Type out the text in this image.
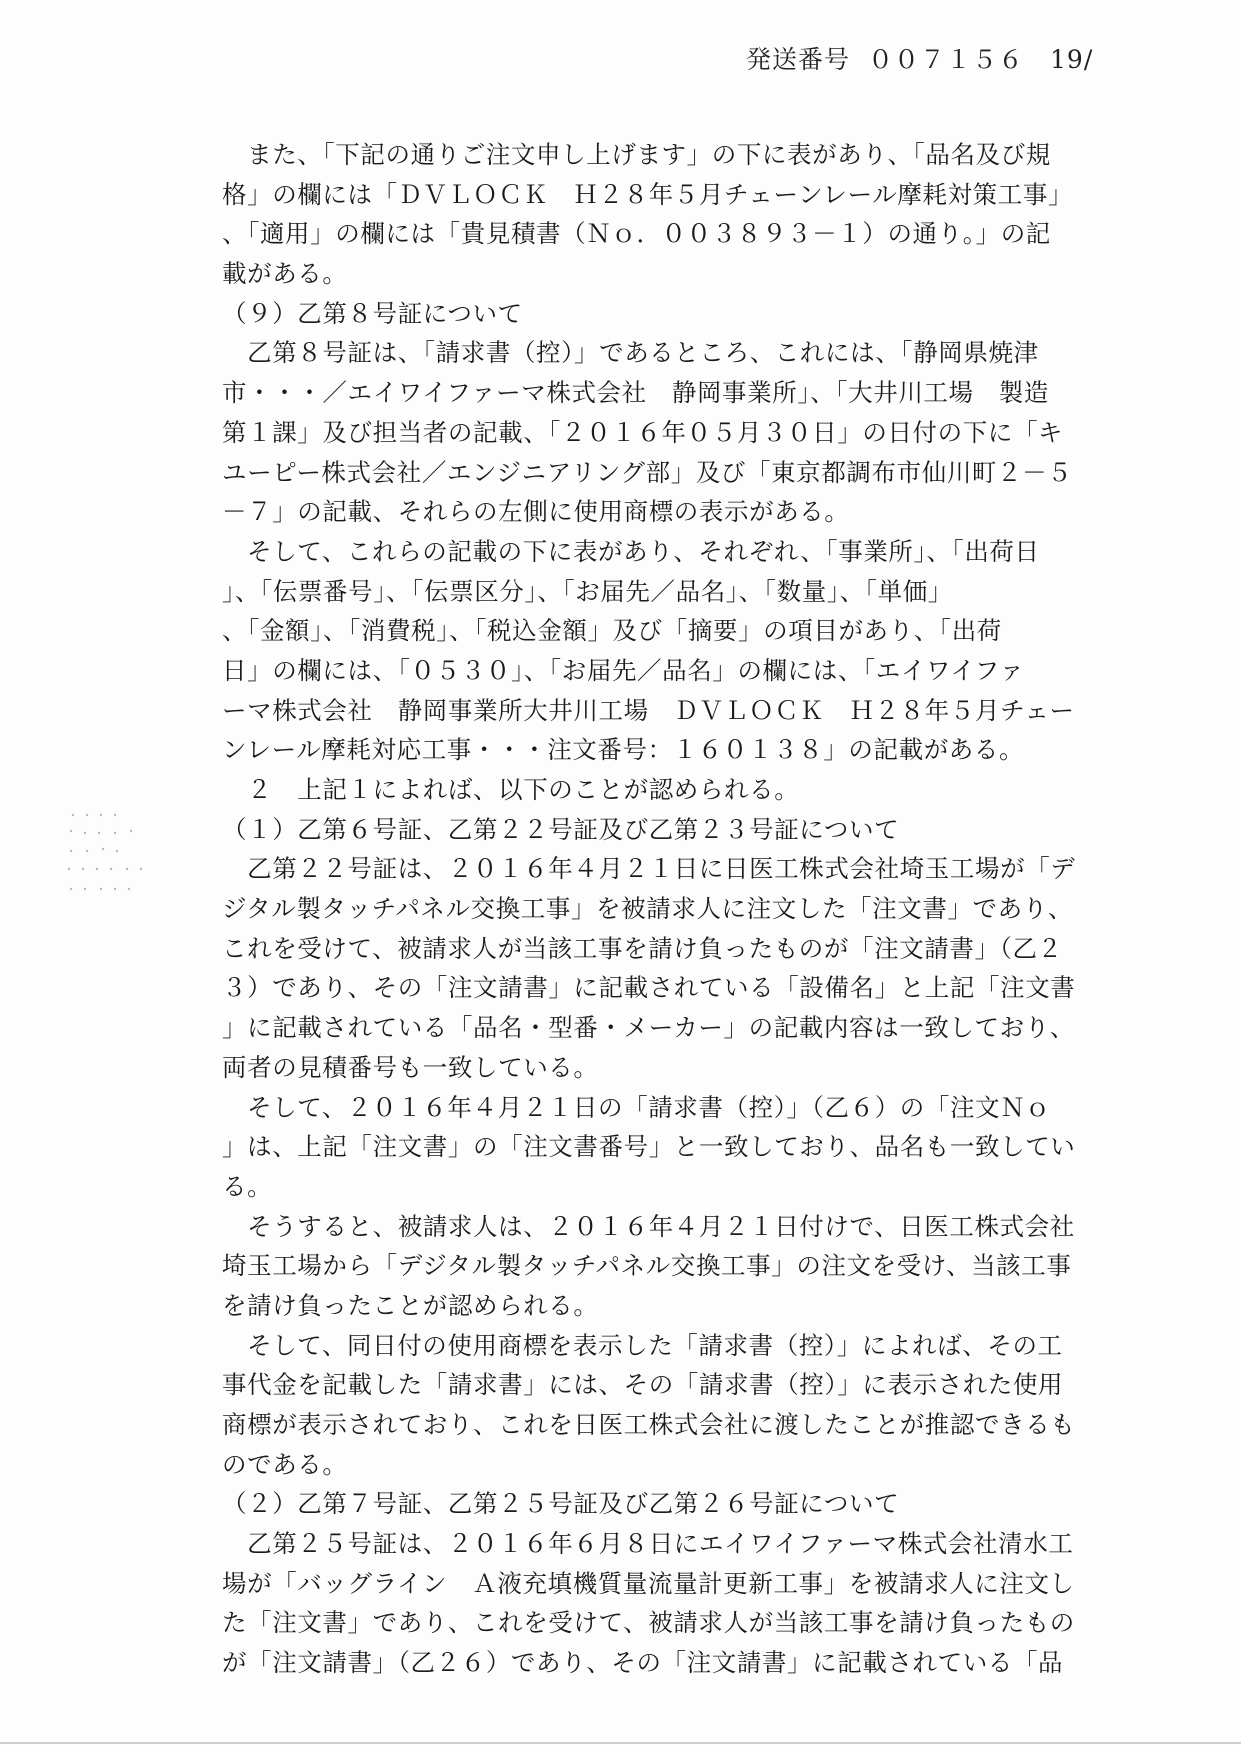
発送番号 ００７１５６ 19/
　また、「下記の通りご注文申し上げます」の下に表があり、「品名及び規
格」の欄には「ＤＶＬＯＣＫ　Ｈ２８年５月チェーンレール摩耗対策工事」
、「適用」の欄には「貴見積書（Ｎｏ．００３８９３－１）の通り。」の記
載がある。
（９）乙第８号証について
　乙第８号証は、「請求書（控）」であるところ、これには、「静岡県焼津
市・・・／エイワイファーマ株式会社　静岡事業所」、「大井川工場　製造
第１課」及び担当者の記載、「２０１６年０５月３０日」の日付の下に「キ
ユーピー株式会社／エンジニアリング部」及び「東京都調布市仙川町２－５
－７」の記載、それらの左側に使用商標の表示がある。
　そして、これらの記載の下に表があり、それぞれ、「事業所」、「出荷日
」、「伝票番号」、「伝票区分」、「お届先／品名」、「数量」、「単価」
、「金額」、「消費税」、「税込金額」及び「摘要」の項目があり、「出荷
日」の欄には、「０５３０」、「お届先／品名」の欄には、「エイワイファ
ーマ株式会社　静岡事業所大井川工場　ＤＶＬＯＣＫ　Ｈ２８年５月チェー
ンレール摩耗対応工事・・・注文番号：１６０１３８」の記載がある。
　２　上記１によれば、以下のことが認められる。
（１）乙第６号証、乙第２２号証及び乙第２３号証について
　乙第２２号証は、２０１６年４月２１日に日医工株式会社埼玉工場が「デ
ジタル製タッチパネル交換工事」を被請求人に注文した「注文書」であり、
これを受けて、被請求人が当該工事を請け負ったものが「注文請書」（乙２
３）であり、その「注文請書」に記載されている「設備名」と上記「注文書
」に記載されている「品名・型番・メーカー」の記載内容は一致しており、
両者の見積番号も一致している。
　そして、２０１６年４月２１日の「請求書（控）」（乙６）の「注文Ｎｏ
」は、上記「注文書」の「注文書番号」と一致しており、品名も一致してい
る。
　そうすると、被請求人は、２０１６年４月２１日付けで、日医工株式会社
埼玉工場から「デジタル製タッチパネル交換工事」の注文を受け、当該工事
を請け負ったことが認められる。
　そして、同日付の使用商標を表示した「請求書（控）」によれば、その工
事代金を記載した「請求書」には、その「請求書（控）」に表示された使用
商標が表示されており、これを日医工株式会社に渡したことが推認できるも
のである。
（２）乙第７号証、乙第２５号証及び乙第２６号証について
　乙第２５号証は、２０１６年６月８日にエイワイファーマ株式会社清水工
場が「バッグライン　Ａ液充填機質量流量計更新工事」を被請求人に注文し
た「注文書」であり、これを受けて、被請求人が当該工事を請け負ったもの
が「注文請書」（乙２６）であり、その「注文請書」に記載されている「品
